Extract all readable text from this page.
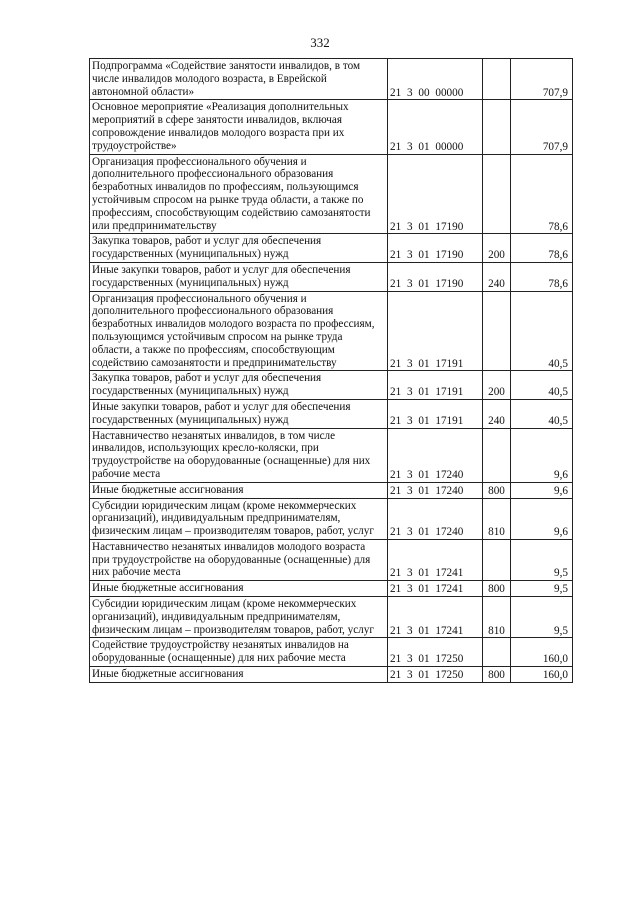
332
Подпрограмма «Содействие занятости инвалидов, в том числе инвалидов молодого возраста, в Еврейской автономной области»	21 3 00 00000		707,9
Основное мероприятие «Реализация дополнительных мероприятий в сфере занятости инвалидов, включая сопровождение инвалидов молодого возраста при их трудоустройстве»	21 3 01 00000		707,9
Организация профессионального обучения и дополнительного профессионального образования безработных инвалидов по профессиям, пользующимся устойчивым спросом на рынке труда области, а также по профессиям, способствующим содействию самозанятости или предпринимательству	21 3 01 17190		78,6
Закупка товаров, работ и услуг для обеспечения государственных (муниципальных) нужд	21 3 01 17190	200	78,6
Иные закупки товаров, работ и услуг для обеспечения государственных (муниципальных) нужд	21 3 01 17190	240	78,6
Организация профессионального обучения и дополнительного профессионального образования безработных инвалидов молодого возраста по профессиям, пользующимся устойчивым спросом на рынке труда области, а также по профессиям, способствующим содействию самозанятости и предпринимательству	21 3 01 17191		40,5
Закупка товаров, работ и услуг для обеспечения государственных (муниципальных) нужд	21 3 01 17191	200	40,5
Иные закупки товаров, работ и услуг для обеспечения государственных (муниципальных) нужд	21 3 01 17191	240	40,5
Наставничество незанятых инвалидов, в том числе инвалидов, использующих кресло-коляски, при трудоустройстве на оборудованные (оснащенные) для них рабочие места	21 3 01 17240		9,6
Иные бюджетные ассигнования	21 3 01 17240	800	9,6
Субсидии юридическим лицам (кроме некоммерческих организаций), индивидуальным предпринимателям, физическим лицам – производителям товаров, работ, услуг	21 3 01 17240	810	9,6
Наставничество незанятых инвалидов молодого возраста при трудоустройстве на оборудованные (оснащенные) для них рабочие места	21 3 01 17241		9,5
Иные бюджетные ассигнования	21 3 01 17241	800	9,5
Субсидии юридическим лицам (кроме некоммерческих организаций), индивидуальным предпринимателям, физическим лицам – производителям товаров, работ, услуг	21 3 01 17241	810	9,5
Содействие трудоустройству незанятых инвалидов на оборудованные (оснащенные) для них рабочие места	21 3 01 17250		160,0
Иные бюджетные ассигнования	21 3 01 17250	800	160,0
